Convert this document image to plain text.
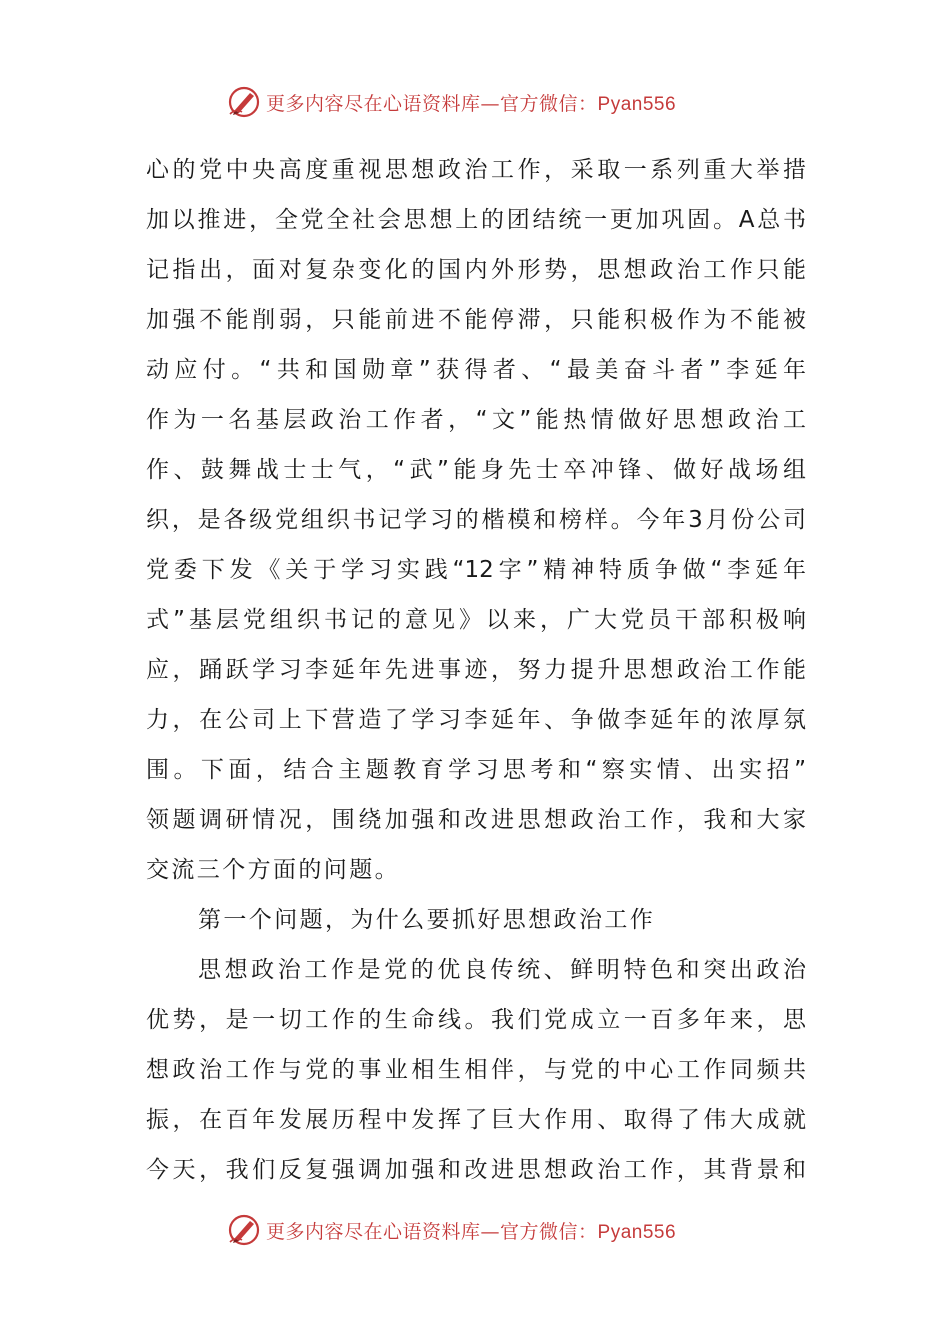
更多内容尽在心语资料库—官方微信：Pyan556
心的党中央高度重视思想政治工作，采取一系列重大举措
加以推进，全党全社会思想上的团结统一更加巩固。A总书
记指出，面对复杂变化的国内外形势，思想政治工作只能
加强不能削弱，只能前进不能停滞，只能积极作为不能被
动应付。“共和国勋章”获得者、“最美奋斗者”李延年
作为一名基层政治工作者，“文”能热情做好思想政治工
作、鼓舞战士士气，“武”能身先士卒冲锋、做好战场组
织，是各级党组织书记学习的楷模和榜样。今年3月份公司
党委下发《关于学习实践“12字”精神特质争做“李延年
式”基层党组织书记的意见》以来，广大党员干部积极响
应，踊跃学习李延年先进事迹，努力提升思想政治工作能
力，在公司上下营造了学习李延年、争做李延年的浓厚氛
围。下面，结合主题教育学习思考和“察实情、出实招”
领题调研情况，围绕加强和改进思想政治工作，我和大家
交流三个方面的问题。
第一个问题，为什么要抓好思想政治工作
思想政治工作是党的优良传统、鲜明特色和突出政治
优势，是一切工作的生命线。我们党成立一百多年来，思
想政治工作与党的事业相生相伴，与党的中心工作同频共
振，在百年发展历程中发挥了巨大作用、取得了伟大成就
今天，我们反复强调加强和改进思想政治工作，其背景和
更多内容尽在心语资料库—官方微信：Pyan556
